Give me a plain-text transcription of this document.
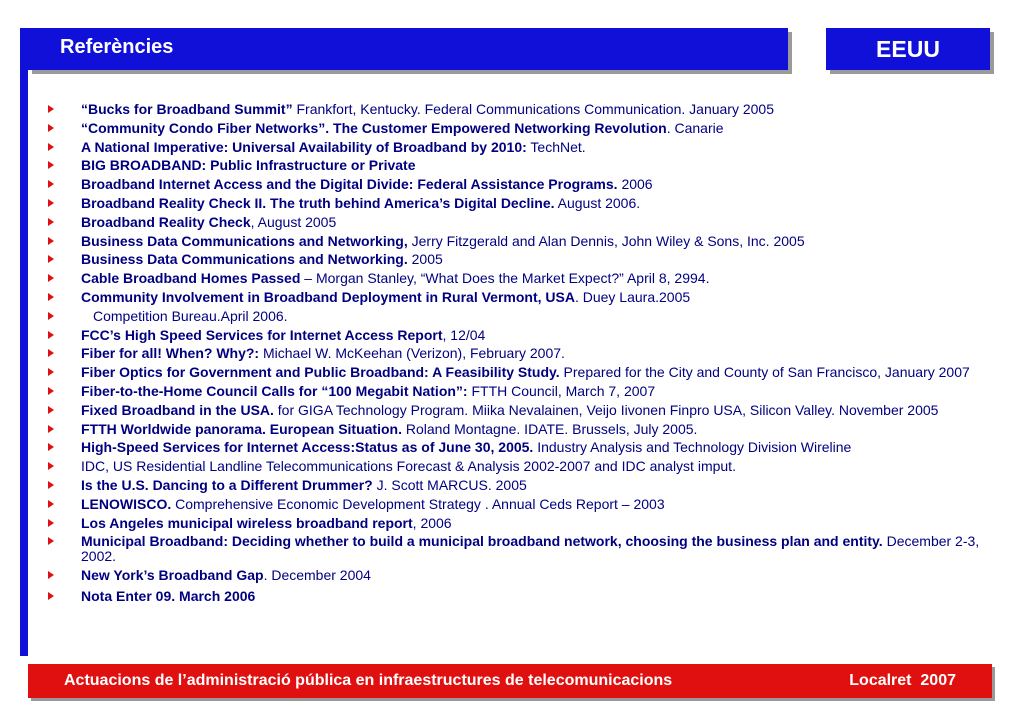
Referències	EEUU
“Bucks for Broadband Summit” Frankfort, Kentucky. Federal Communications Communication. January 2005
“Community Condo Fiber Networks”. The Customer Empowered Networking Revolution. Canarie
A National Imperative: Universal Availability of Broadband by 2010: TechNet.
BIG BROADBAND: Public Infrastructure or Private
Broadband Internet Access and the Digital Divide: Federal Assistance Programs. 2006
Broadband Reality Check II. The truth behind America’s Digital Decline. August 2006.
Broadband Reality Check, August 2005
Business Data Communications and Networking, Jerry Fitzgerald and Alan Dennis, John Wiley & Sons, Inc. 2005
Business Data Communications and Networking. 2005
Cable Broadband Homes Passed – Morgan Stanley, “What Does the Market Expect?” April 8, 2994.
Community Involvement in Broadband Deployment in Rural Vermont, USA. Duey Laura.2005
Competition Bureau.April 2006.
FCC’s High Speed Services for Internet Access Report, 12/04
Fiber for all! When? Why?: Michael W. McKeehan (Verizon), February 2007.
Fiber Optics for Government and Public Broadband: A Feasibility Study. Prepared for the City and County of San Francisco, January 2007
Fiber-to-the-Home Council Calls for “100 Megabit Nation”: FTTH Council, March 7, 2007
Fixed Broadband in the USA. for GIGA Technology Program. Miika Nevalainen, Veijo Iivonen Finpro USA, Silicon Valley. November 2005
FTTH Worldwide panorama. European Situation. Roland Montagne. IDATE. Brussels, July 2005.
High-Speed Services for Internet Access:Status as of June 30, 2005. Industry Analysis and Technology Division Wireline
IDC, US Residential Landline Telecommunications Forecast & Analysis 2002-2007 and IDC analyst imput.
Is the U.S. Dancing to a Different Drummer? J. Scott MARCUS. 2005
LENOWISCO. Comprehensive Economic Development Strategy . Annual Ceds Report – 2003
Los Angeles municipal wireless broadband report, 2006
Municipal Broadband: Deciding whether to build a municipal broadband network, choosing the business plan and entity. December 2-3, 2002.
New York’s Broadband Gap. December 2004
Nota Enter 09. March 2006
Actuacions de l’administració pública en infraestructures de telecomunicacions	Localret  2007
